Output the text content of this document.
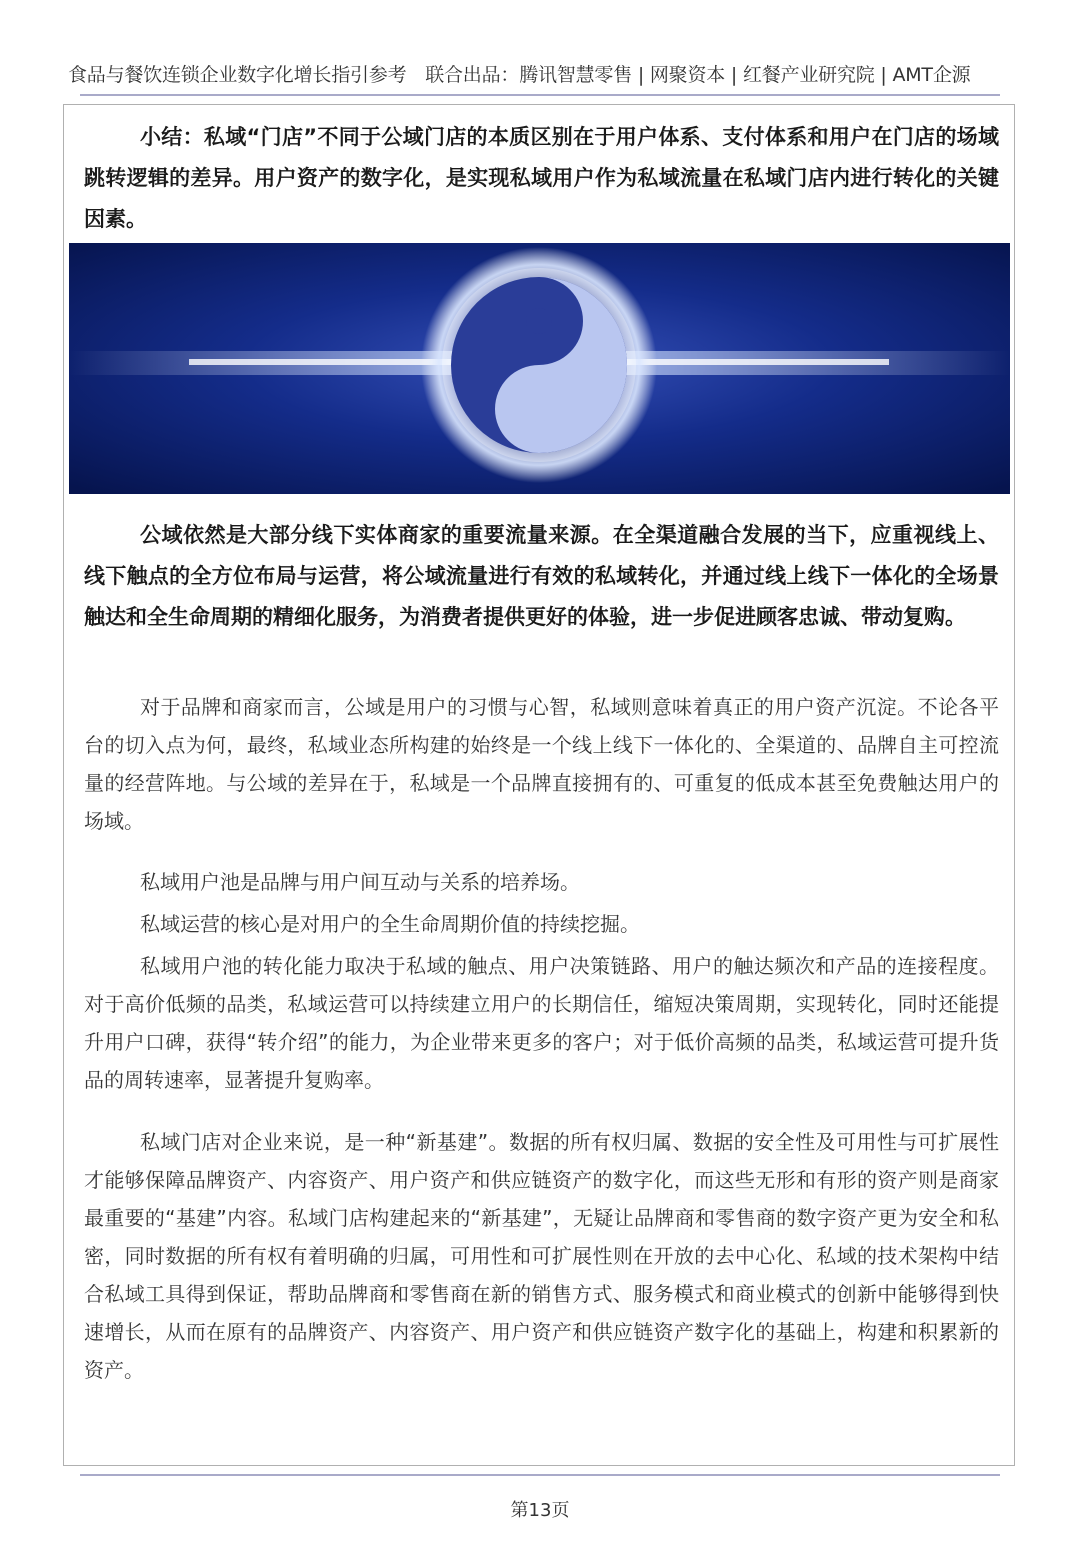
食品与餐饮连锁企业数字化增长指引参考　联合出品：腾讯智慧零售 | 网聚资本 | 红餐产业研究院 | AMT企源

小结：私域“门店”不同于公域门店的本质区别在于用户体系、支付体系和用户在门店的场域跳转逻辑的差异。用户资产的数字化，是实现私域用户作为私域流量在私域门店内进行转化的关键因素。

公域依然是大部分线下实体商家的重要流量来源。在全渠道融合发展的当下，应重视线上、线下触点的全方位布局与运营，将公域流量进行有效的私域转化，并通过线上线下一体化的全场景触达和全生命周期的精细化服务，为消费者提供更好的体验，进一步促进顾客忠诚、带动复购。

对于品牌和商家而言，公域是用户的习惯与心智，私域则意味着真正的用户资产沉淀。不论各平台的切入点为何，最终，私域业态所构建的始终是一个线上线下一体化的、全渠道的、品牌自主可控流量的经营阵地。与公域的差异在于，私域是一个品牌直接拥有的、可重复的低成本甚至免费触达用户的场域。

私域用户池是品牌与用户间互动与关系的培养场。

私域运营的核心是对用户的全生命周期价值的持续挖掘。

私域用户池的转化能力取决于私域的触点、用户决策链路、用户的触达频次和产品的连接程度。对于高价低频的品类，私域运营可以持续建立用户的长期信任，缩短决策周期，实现转化，同时还能提升用户口碑，获得“转介绍”的能力，为企业带来更多的客户；对于低价高频的品类，私域运营可提升货品的周转速率，显著提升复购率。

私域门店对企业来说，是一种“新基建”。数据的所有权归属、数据的安全性及可用性与可扩展性才能够保障品牌资产、内容资产、用户资产和供应链资产的数字化，而这些无形和有形的资产则是商家最重要的“基建”内容。私域门店构建起来的“新基建”，无疑让品牌商和零售商的数字资产更为安全和私密，同时数据的所有权有着明确的归属，可用性和可扩展性则在开放的去中心化、私域的技术架构中结合私域工具得到保证，帮助品牌商和零售商在新的销售方式、服务模式和商业模式的创新中能够得到快速增长，从而在原有的品牌资产、内容资产、用户资产和供应链资产数字化的基础上，构建和积累新的资产。

第13页
